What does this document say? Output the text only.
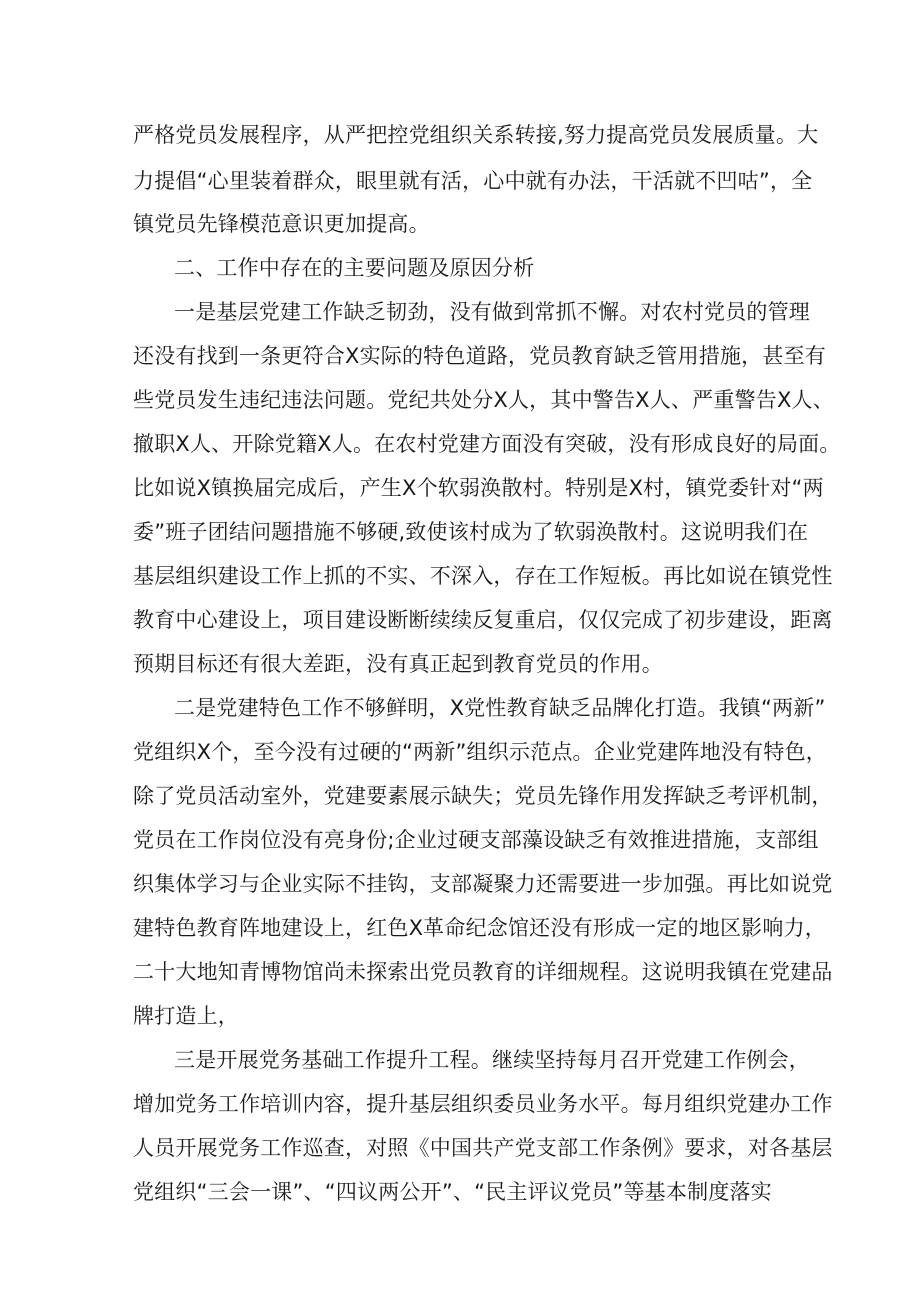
严格党员发展程序，从严把控党组织关系转接,努力提高党员发展质量。大
力提倡“心里装着群众，眼里就有活，心中就有办法，干活就不凹咕”，全
镇党员先锋模范意识更加提高。
二、工作中存在的主要问题及原因分析
一是基层党建工作缺乏韧劲，没有做到常抓不懈。对农村党员的管理
还没有找到一条更符合X实际的特色道路，党员教育缺乏管用措施，甚至有
些党员发生违纪违法问题。党纪共处分X人，其中警告X人、严重警告X人、
撤职X人、开除党籍X人。在农村党建方面没有突破，没有形成良好的局面。
比如说X镇换届完成后，产生X个软弱涣散村。特别是X村，镇党委针对“两
委”班子团结问题措施不够硬,致使该村成为了软弱涣散村。这说明我们在
基层组织建设工作上抓的不实、不深入，存在工作短板。再比如说在镇党性
教育中心建设上，项目建设断断续续反复重启，仅仅完成了初步建设，距离
预期目标还有很大差距，没有真正起到教育党员的作用。
二是党建特色工作不够鲜明，X党性教育缺乏品牌化打造。我镇“两新”
党组织X个，至今没有过硬的“两新”组织示范点。企业党建阵地没有特色，
除了党员活动室外，党建要素展示缺失；党员先锋作用发挥缺乏考评机制，
党员在工作岗位没有亮身份;企业过硬支部藻设缺乏有效推进措施，支部组
织集体学习与企业实际不挂钩，支部凝聚力还需要进一步加强。再比如说党
建特色教育阵地建设上，红色X革命纪念馆还没有形成一定的地区影响力，
二十大地知青博物馆尚未探索出党员教育的详细规程。这说明我镇在党建品
牌打造上，
三是开展党务基础工作提升工程。继续坚持每月召开党建工作例会，
增加党务工作培训内容，提升基层组织委员业务水平。每月组织党建办工作
人员开展党务工作巡查，对照《中国共产党支部工作条例》要求，对各基层
党组织“三会一课”、“四议两公开”、“民主评议党员”等基本制度落实
